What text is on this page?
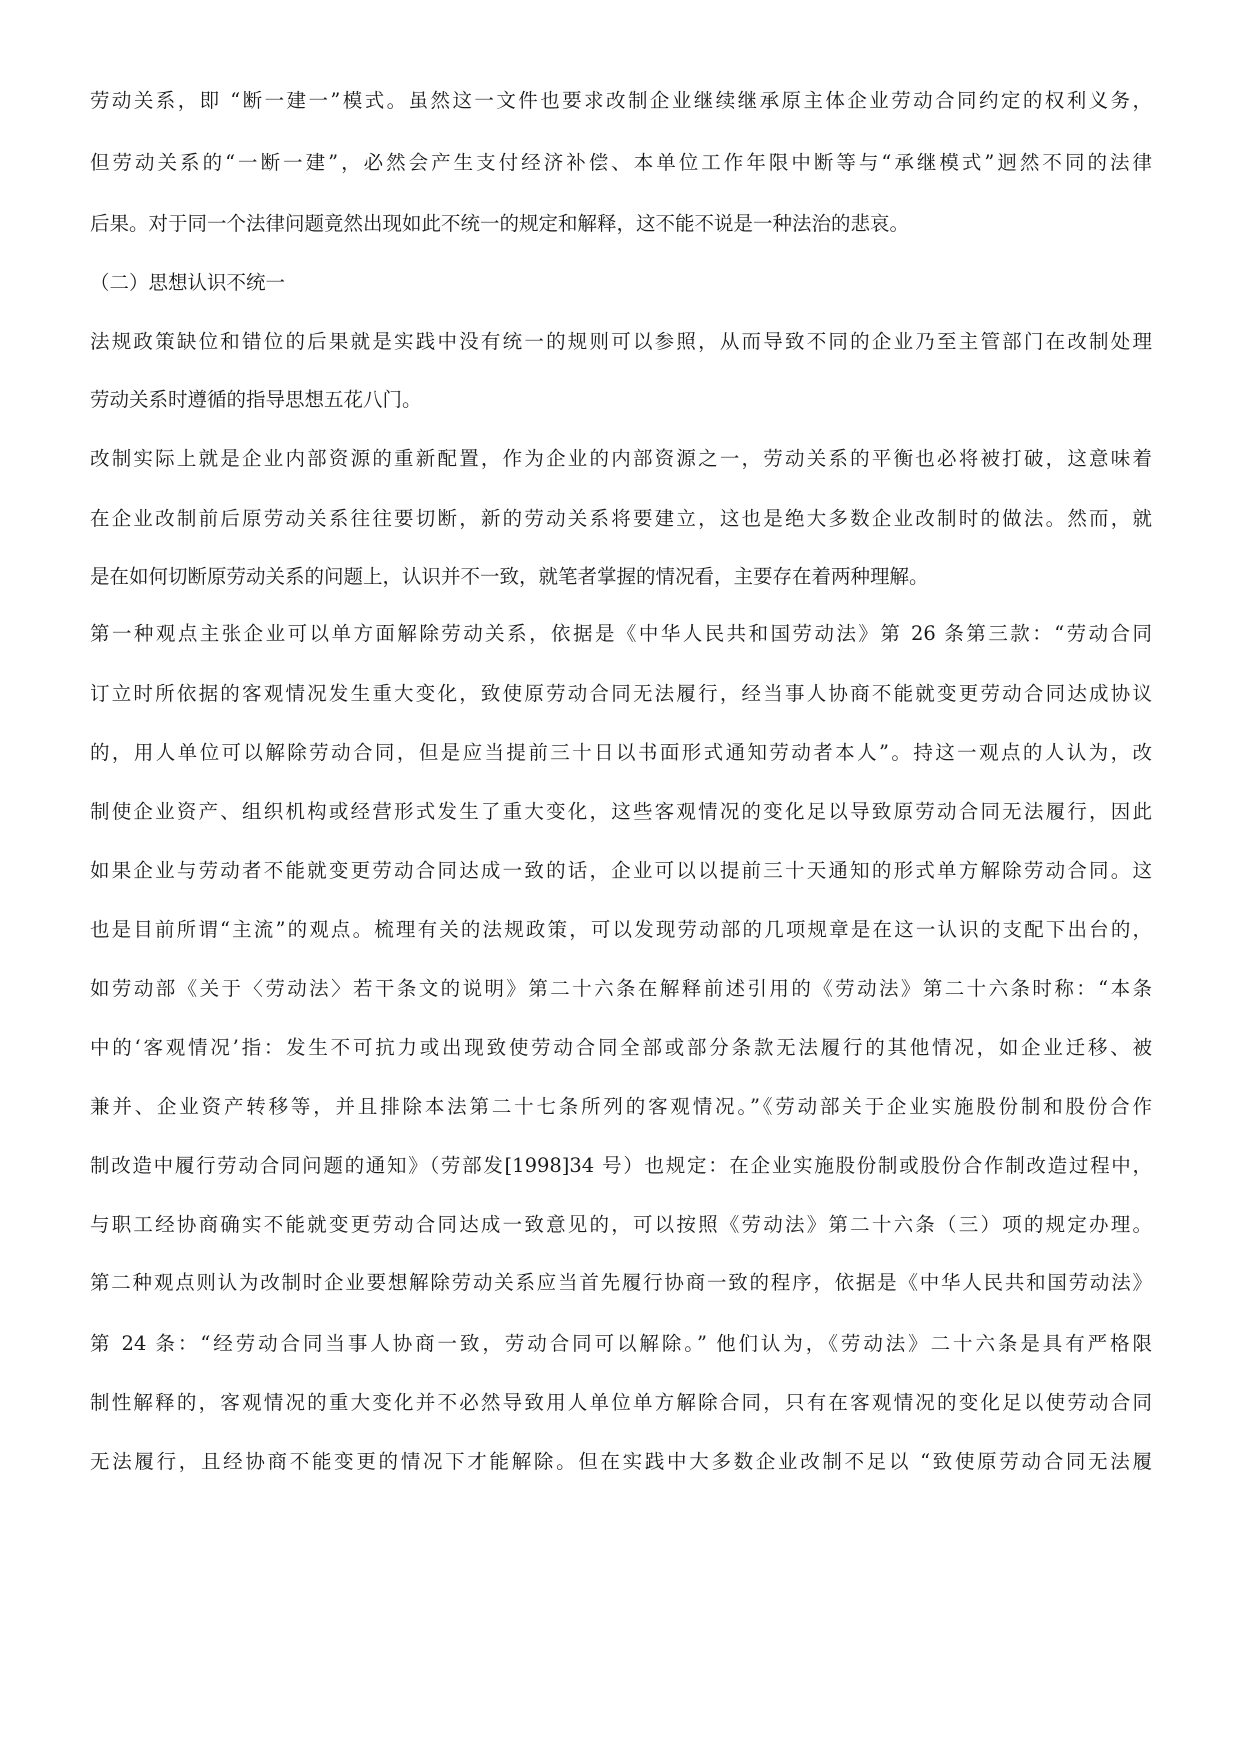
劳动关系，即 “断一建一”模式。虽然这一文件也要求改制企业继续继承原主体企业劳动合同约定的权利义务，
但劳动关系的“一断一建”，必然会产生支付经济补偿、本单位工作年限中断等与“承继模式”迥然不同的法律
后果。对于同一个法律问题竟然出现如此不统一的规定和解释，这不能不说是一种法治的悲哀。
（二）思想认识不统一
法规政策缺位和错位的后果就是实践中没有统一的规则可以参照，从而导致不同的企业乃至主管部门在改制处理
劳动关系时遵循的指导思想五花八门。
改制实际上就是企业内部资源的重新配置，作为企业的内部资源之一，劳动关系的平衡也必将被打破，这意味着
在企业改制前后原劳动关系往往要切断，新的劳动关系将要建立，这也是绝大多数企业改制时的做法。然而，就
是在如何切断原劳动关系的问题上，认识并不一致，就笔者掌握的情况看，主要存在着两种理解。
第一种观点主张企业可以单方面解除劳动关系，依据是《中华人民共和国劳动法》第 26 条第三款：“劳动合同
订立时所依据的客观情况发生重大变化，致使原劳动合同无法履行，经当事人协商不能就变更劳动合同达成协议
的，用人单位可以解除劳动合同，但是应当提前三十日以书面形式通知劳动者本人”。持这一观点的人认为，改
制使企业资产、组织机构或经营形式发生了重大变化，这些客观情况的变化足以导致原劳动合同无法履行，因此
如果企业与劳动者不能就变更劳动合同达成一致的话，企业可以以提前三十天通知的形式单方解除劳动合同。这
也是目前所谓“主流”的观点。梳理有关的法规政策，可以发现劳动部的几项规章是在这一认识的支配下出台的，
如劳动部《关于〈劳动法〉若干条文的说明》第二十六条在解释前述引用的《劳动法》第二十六条时称：“本条
中的‘客观情况’指：发生不可抗力或出现致使劳动合同全部或部分条款无法履行的其他情况，如企业迁移、被
兼并、企业资产转移等，并且排除本法第二十七条所列的客观情况。”《劳动部关于企业实施股份制和股份合作
制改造中履行劳动合同问题的通知》（劳部发[1998]34 号）也规定：在企业实施股份制或股份合作制改造过程中，
与职工经协商确实不能就变更劳动合同达成一致意见的，可以按照《劳动法》第二十六条（三）项的规定办理。
第二种观点则认为改制时企业要想解除劳动关系应当首先履行协商一致的程序，依据是《中华人民共和国劳动法》
第 24 条：“经劳动合同当事人协商一致，劳动合同可以解除。” 他们认为，《劳动法》二十六条是具有严格限
制性解释的，客观情况的重大变化并不必然导致用人单位单方解除合同，只有在客观情况的变化足以使劳动合同
无法履行，且经协商不能变更的情况下才能解除。但在实践中大多数企业改制不足以 “致使原劳动合同无法履
